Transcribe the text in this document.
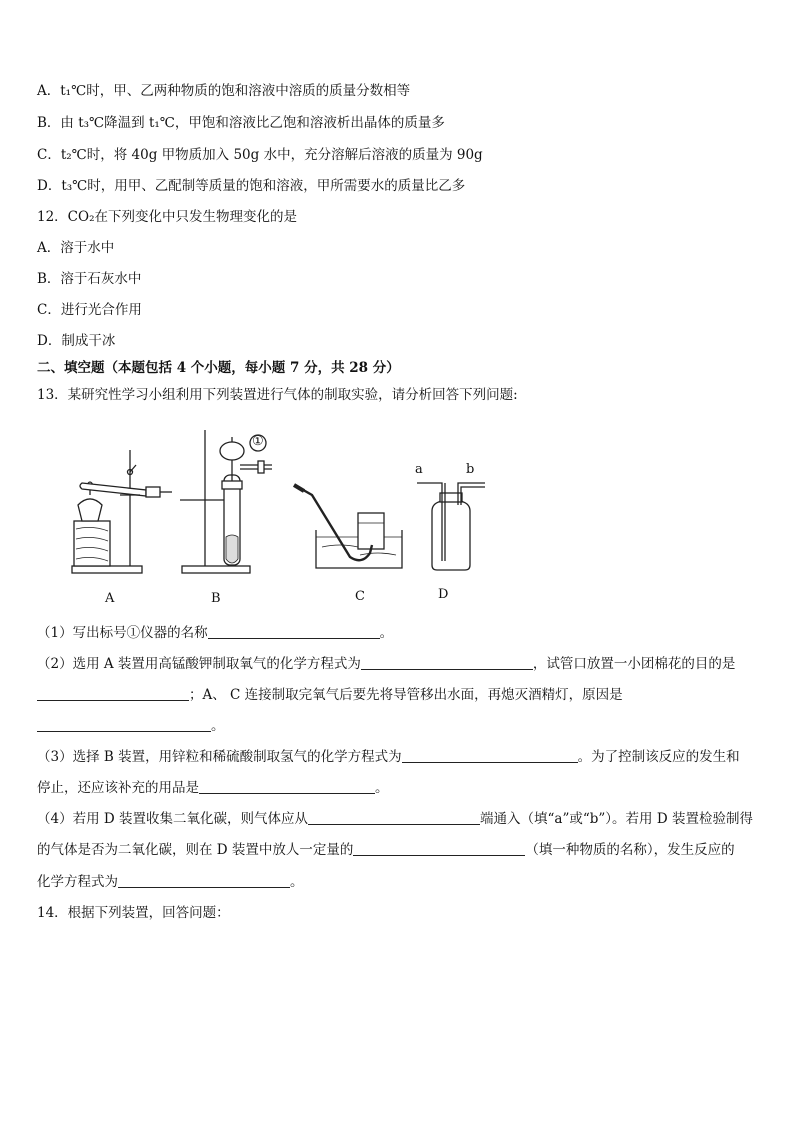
A．t₁℃时，甲、乙两种物质的饱和溶液中溶质的质量分数相等
B．由 t₃℃降温到 t₁℃，甲饱和溶液比乙饱和溶液析出晶体的质量多
C．t₂℃时，将 40g 甲物质加入 50g 水中，充分溶解后溶液的质量为 90g
D．t₃℃时，用甲、乙配制等质量的饱和溶液，甲所需要水的质量比乙多
12．CO₂在下列变化中只发生物理变化的是
A．溶于水中
B．溶于石灰水中
C．进行光合作用
D．制成干冰
二、填空题（本题包括 4 个小题，每小题 7 分，共 28 分）
13．某研究性学习小组利用下列装置进行气体的制取实验，请分析回答下列问题:
A	B	C	D
a	b
①
（1）写出标号①仪器的名称	。
（2）选用 A 装置用高锰酸钾制取氧气的化学方程式为	，试管口放置一小团棉花的目的是
；A、 C 连接制取完氧气后要先将导管移出水面，再熄灭酒精灯，原因是
。
（3）选择 B 装置，用锌粒和稀硫酸制取氢气的化学方程式为	。为了控制该反应的发生和
停止，还应该补充的用品是	。
（4）若用 D 装置收集二氧化碳，则气体应从	端通入（填“a”或“b”）。若用 D 装置检验制得
的气体是否为二氧化碳，则在 D 装置中放人一定量的	（填一种物质的名称），发生反应的
化学方程式为	。
14．根据下列装置，回答问题：
